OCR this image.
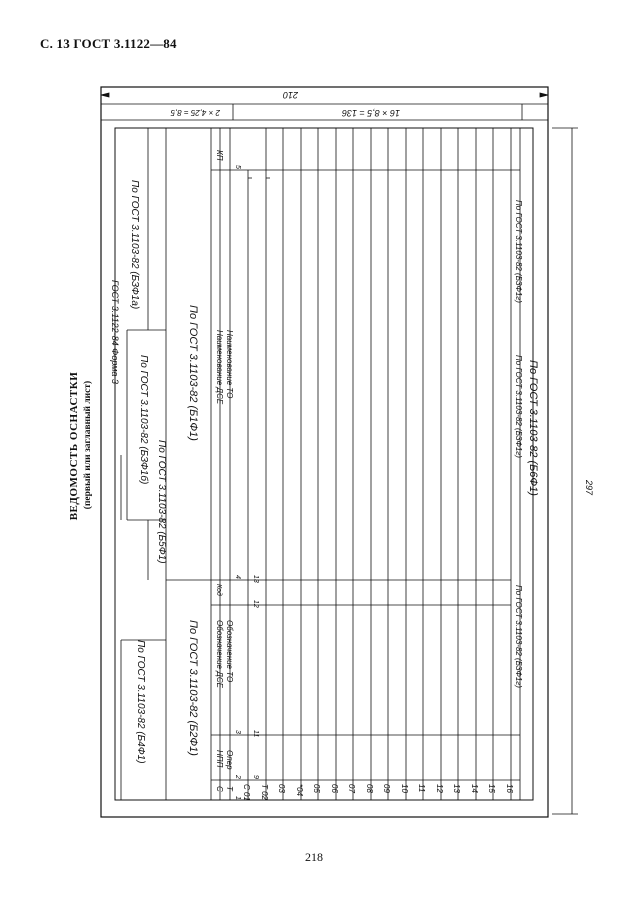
С. 13 ГОСТ 3.1122—84
ВЕДОМОСТЬ ОСНАСТКИ (первый или заглавный лист)
ГОСТ 3.1122-84 Форма 3
По ГОСТ 3.1103-82 (БЗФ1а)
По ГОСТ 3.1103-82 (БЗФ1б)
По ГОСТ 3.1103-82 (Б5Ф1)
По ГОСТ 3.1103-82 (Б1Ф1)
По ГОСТ 3.1103-82 (Б2Ф1)
По ГОСТ 3.1103-82 (Б4Ф1)
КП
Наименование ДСЕ Наименование ТО
Код
Обозначение ДСЕ Обозначение ТО
НПП Опер
С Т
1
2
3
4
5
9
11
12
13
С 01 Т 02 03 *04 05 06 07 08 09 10 11 12 13 14 15 16
По ГОСТ 3.1103-82 (БЗФ1г)
По ГОСТ 3.1103-82 (БЗФ1г)
По ГОСТ 3.1103-82 (БЗФ1г)
По ГОСТ 3.1103-82 (Б6Ф1)
210
16 × 8,5 = 136
2 × 4,25 = 8,5
297
218
